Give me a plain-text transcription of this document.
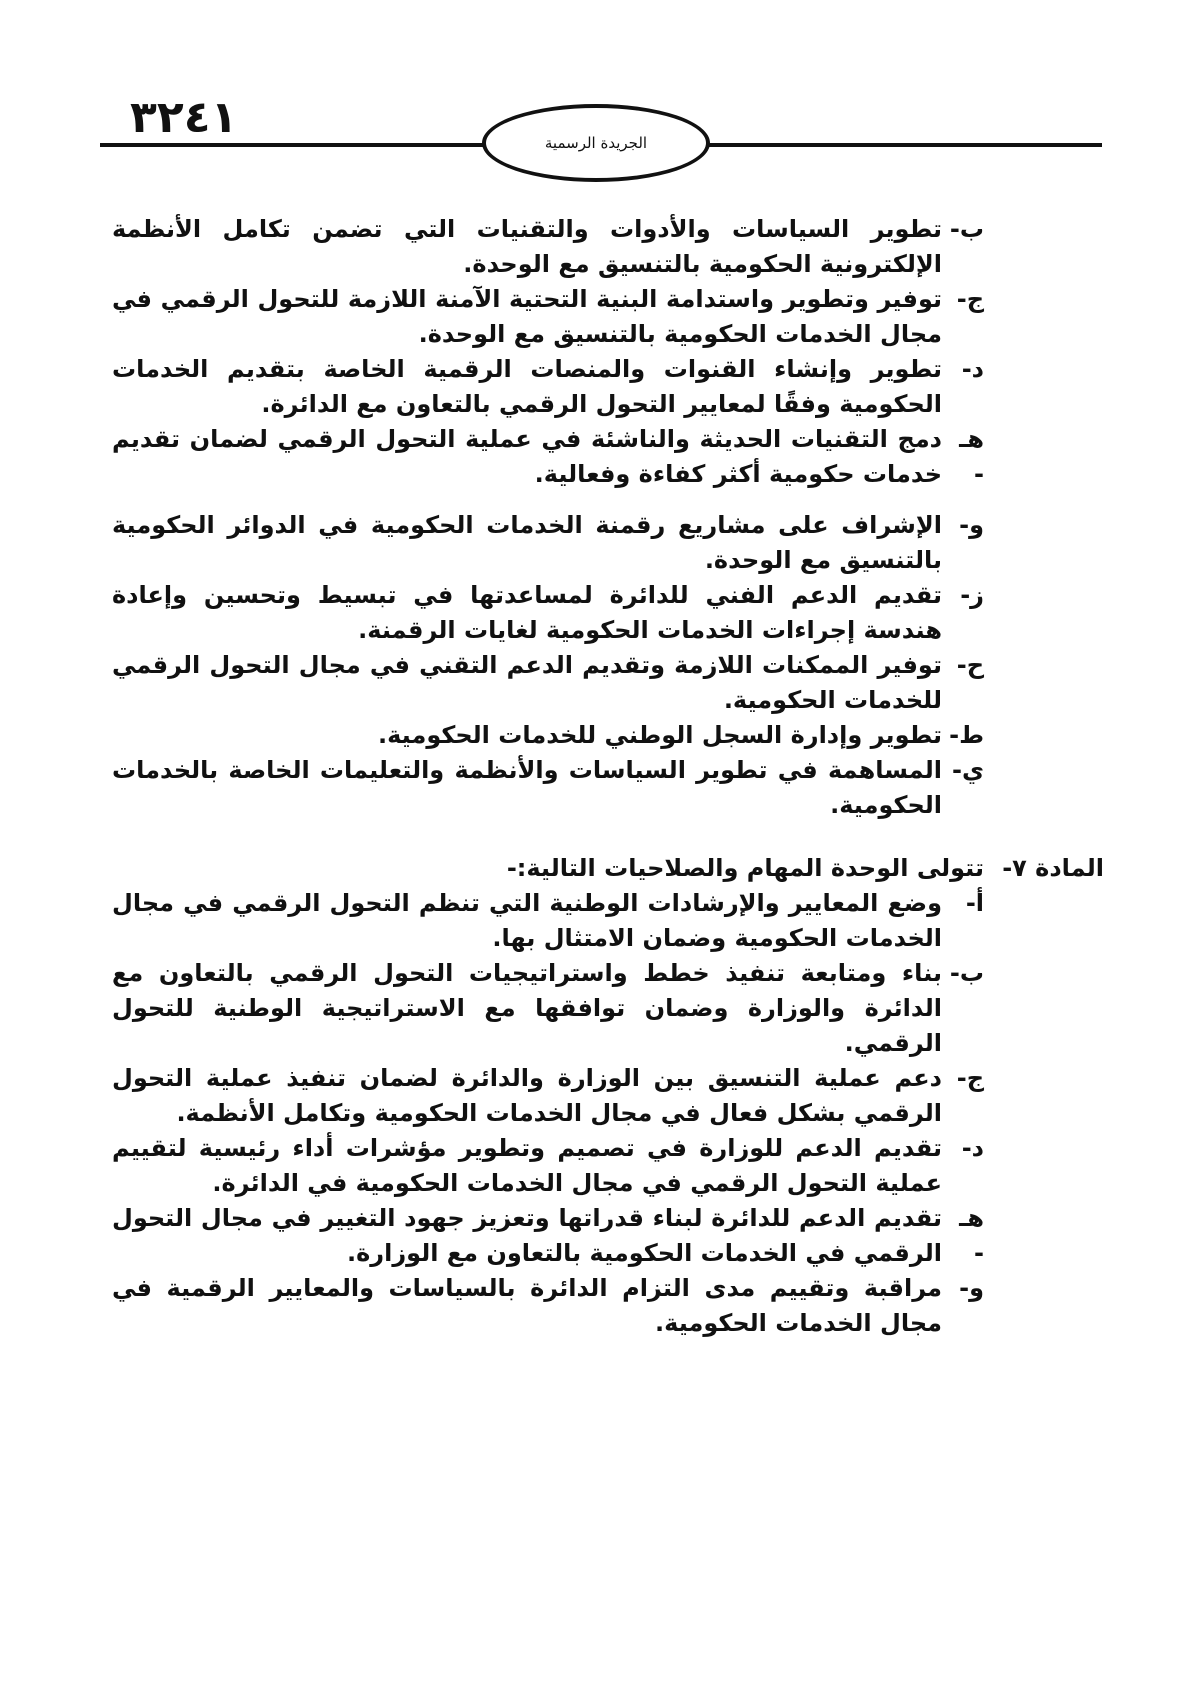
٣٢٤١	الجريدة الرسمية
ب-
تطوير السياسات والأدوات والتقنيات التي تضمن تكامل الأنظمة الإلكترونية الحكومية بالتنسيق مع الوحدة.
ج-
توفير وتطوير واستدامة البنية التحتية الآمنة اللازمة للتحول الرقمي في مجال الخدمات الحكومية بالتنسيق مع الوحدة.
د-
تطوير وإنشاء القنوات والمنصات الرقمية الخاصة بتقديم الخدمات الحكومية وفقًا لمعايير التحول الرقمي بالتعاون مع الدائرة.
هـ -
دمج التقنيات الحديثة والناشئة في عملية التحول الرقمي لضمان تقديم خدمات حكومية أكثر كفاءة وفعالية.
و-
الإشراف على مشاريع رقمنة الخدمات الحكومية في الدوائر الحكومية بالتنسيق مع الوحدة.
ز-
تقديم الدعم الفني للدائرة لمساعدتها في تبسيط وتحسين وإعادة هندسة إجراءات الخدمات الحكومية لغايات الرقمنة.
ح-
توفير الممكنات اللازمة وتقديم الدعم التقني في مجال التحول الرقمي للخدمات الحكومية.
ط-
تطوير وإدارة السجل الوطني للخدمات الحكومية.
ي-
المساهمة في تطوير السياسات والأنظمة والتعليمات الخاصة بالخدمات الحكومية.
المادة ٧-تتولى الوحدة المهام والصلاحيات التالية:-
أ-
وضع المعايير والإرشادات الوطنية التي تنظم التحول الرقمي في مجال الخدمات الحكومية وضمان الامتثال بها.
ب-
بناء ومتابعة تنفيذ خطط واستراتيجيات التحول الرقمي بالتعاون مع الدائرة والوزارة وضمان توافقها مع الاستراتيجية الوطنية للتحول الرقمي.
ج-
دعم عملية التنسيق بين الوزارة والدائرة لضمان تنفيذ عملية التحول الرقمي بشكل فعال في مجال الخدمات الحكومية وتكامل الأنظمة.
د-
تقديم الدعم للوزارة في تصميم وتطوير مؤشرات أداء رئيسية لتقييم عملية التحول الرقمي في مجال الخدمات الحكومية في الدائرة.
هـ -
تقديم الدعم للدائرة لبناء قدراتها وتعزيز جهود التغيير في مجال التحول الرقمي في الخدمات الحكومية بالتعاون مع الوزارة.
و-
مراقبة وتقييم مدى التزام الدائرة بالسياسات والمعايير الرقمية في مجال الخدمات الحكومية.
